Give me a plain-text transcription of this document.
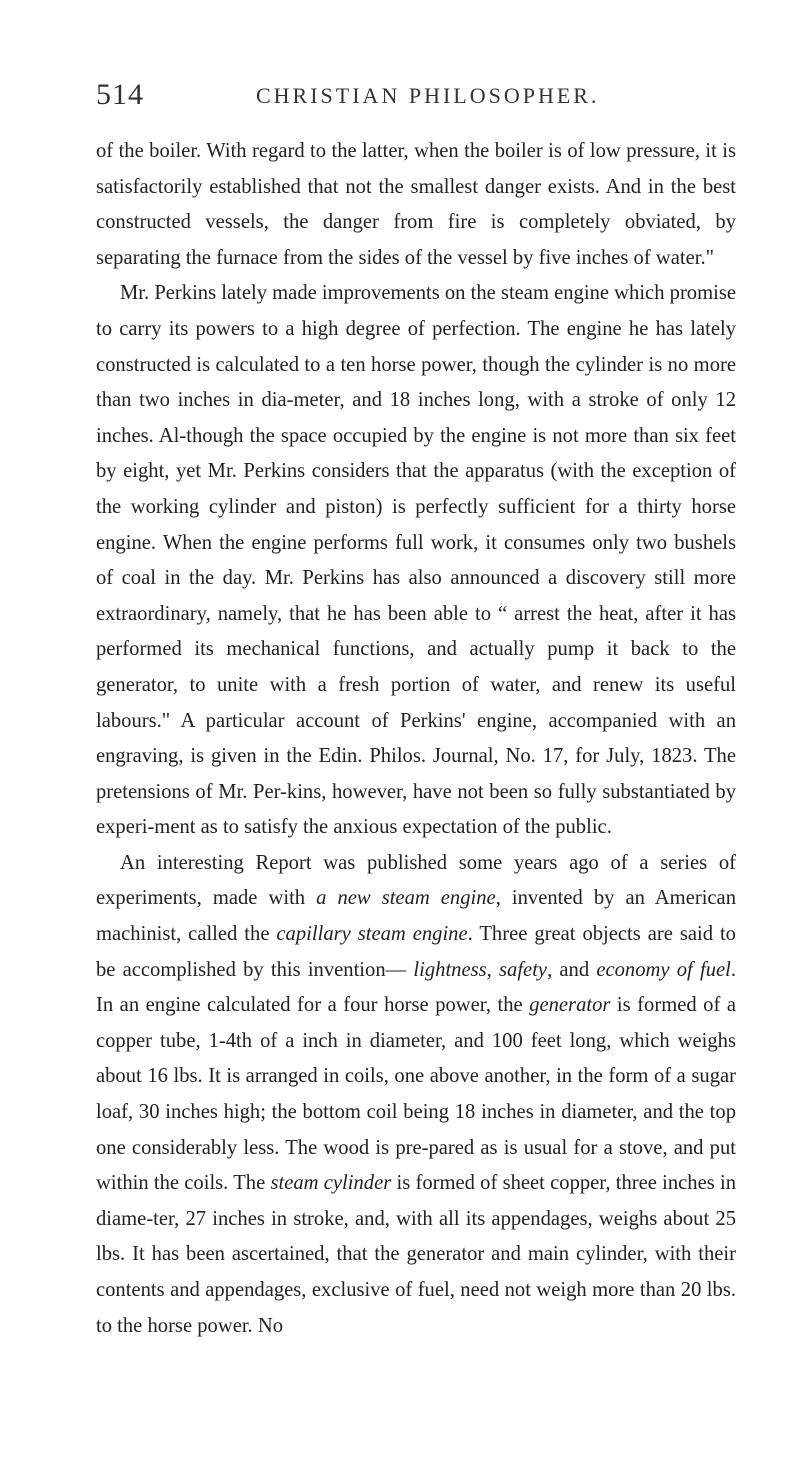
514	CHRISTIAN PHILOSOPHER.

of the boiler. With regard to the latter, when the boiler is of low pressure, it is satisfactorily established that not the smallest danger exists. And in the best constructed vessels, the danger from fire is completely obviated, by separating the furnace from the sides of the vessel by five inches of water."

Mr. Perkins lately made improvements on the steam engine which promise to carry its powers to a high degree of perfection. The engine he has lately constructed is calculated to a ten horse power, though the cylinder is no more than two inches in dia-meter, and 18 inches long, with a stroke of only 12 inches. Al-though the space occupied by the engine is not more than six feet by eight, yet Mr. Perkins considers that the apparatus (with the exception of the working cylinder and piston) is perfectly sufficient for a thirty horse engine. When the engine performs full work, it consumes only two bushels of coal in the day. Mr. Perkins has also announced a discovery still more extraordinary, namely, that he has been able to “ arrest the heat, after it has performed its mechanical functions, and actually pump it back to the generator, to unite with a fresh portion of water, and renew its useful labours." A particular account of Perkins' engine, accompanied with an engraving, is given in the Edin. Philos. Journal, No. 17, for July, 1823. The pretensions of Mr. Per-kins, however, have not been so fully substantiated by experi-ment as to satisfy the anxious expectation of the public.

An interesting Report was published some years ago of a series of experiments, made with a new steam engine, invented by an American machinist, called the capillary steam engine. Three great objects are said to be accomplished by this invention— lightness, safety, and economy of fuel. In an engine calculated for a four horse power, the generator is formed of a copper tube, 1-4th of a inch in diameter, and 100 feet long, which weighs about 16 lbs. It is arranged in coils, one above another, in the form of a sugar loaf, 30 inches high; the bottom coil being 18 inches in diameter, and the top one considerably less. The wood is pre-pared as is usual for a stove, and put within the coils. The steam cylinder is formed of sheet copper, three inches in diame-ter, 27 inches in stroke, and, with all its appendages, weighs about 25 lbs. It has been ascertained, that the generator and main cylinder, with their contents and appendages, exclusive of fuel, need not weigh more than 20 lbs. to the horse power. No
